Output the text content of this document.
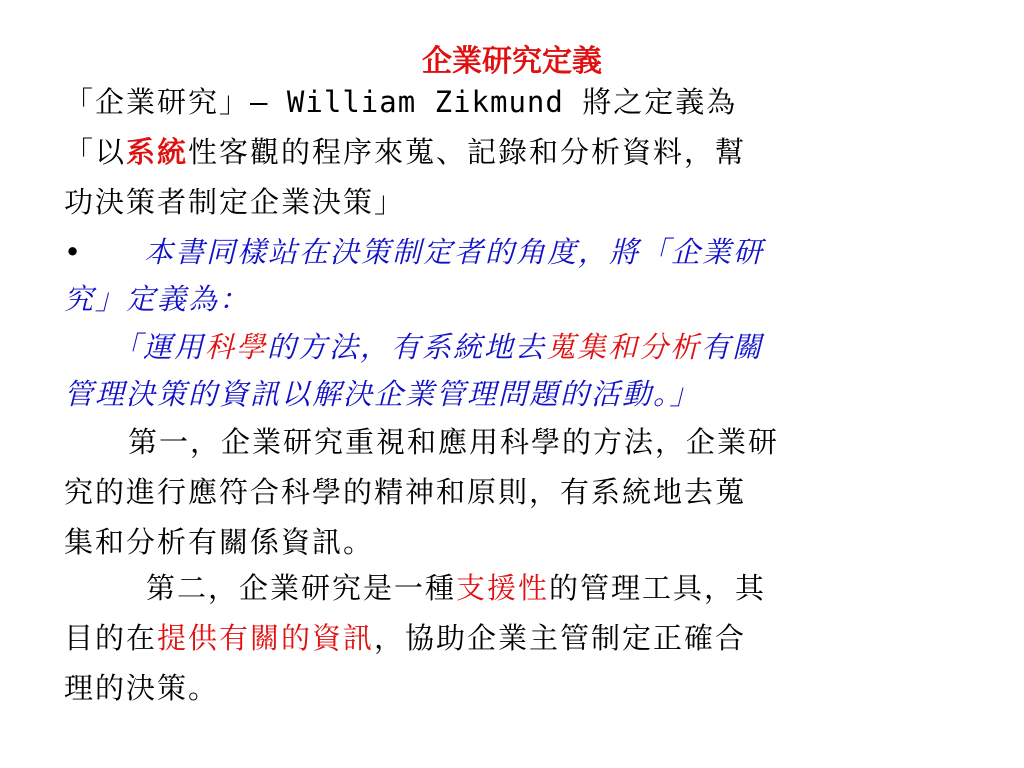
企業研究定義
「企業研究」– William Zikmund 將之定義為
「以系統性客觀的程序來蒐、記錄和分析資料，幫
功決策者制定企業決策」
• 本書同樣站在決策制定者的角度，將「企業研
究」定義為：
「運用科學的方法，有系統地去蒐集和分析有關
管理決策的資訊以解決企業管理問題的活動。」
第一，企業研究重視和應用科學的方法，企業研
究的進行應符合科學的精神和原則，有系統地去蒐
集和分析有關係資訊。
第二，企業研究是一種支援性的管理工具，其
目的在提供有關的資訊，協助企業主管制定正確合
理的決策。
